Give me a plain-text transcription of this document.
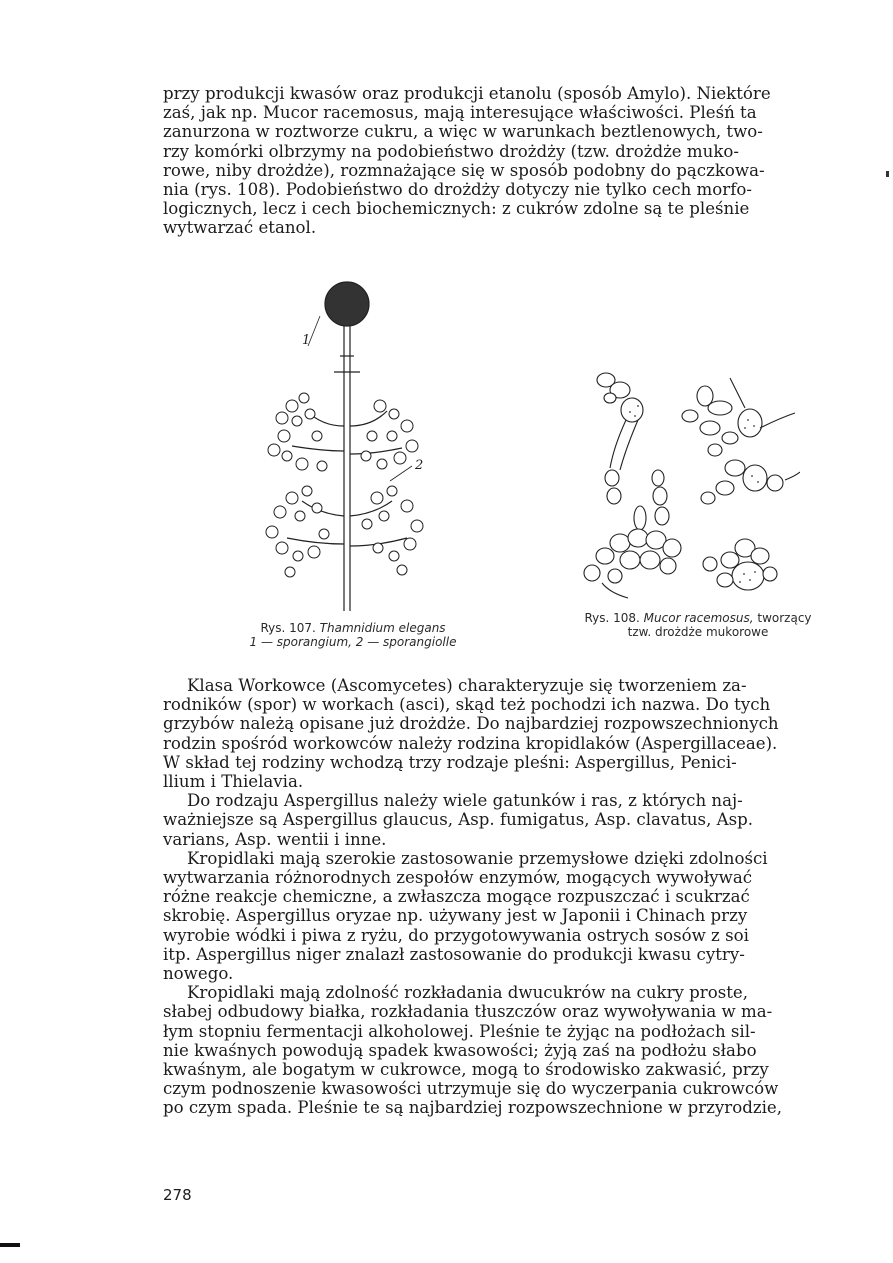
przy produkcji kwasów oraz produkcji etanolu (sposób Amylo). Niektóre
zaś, jak np. Mucor racemosus, mają interesujące właściwości. Pleśń ta
zanurzona w roztworze cukru, a więc w warunkach beztlenowych, two-
rzy komórki olbrzymy na podobieństwo drożdży (tzw. drożdże muko-
rowe, niby drożdże), rozmnażające się w sposób podobny do pączkowa-
nia (rys. 108). Podobieństwo do drożdży dotyczy nie tylko cech morfo-
logicznych, lecz i cech biochemicznych: z cukrów zdolne są te pleśnie
wytwarzać etanol.
1
2
Rys. 107. Thamnidium elegans
1 — sporangium, 2 — sporangiolle
Rys. 108. Mucor racemosus, tworzący
tzw. drożdże mukorowe
Klasa Workowce (Ascomycetes) charakteryzuje się tworzeniem za-
rodników (spor) w workach (asci), skąd też pochodzi ich nazwa. Do tych
grzybów należą opisane już drożdże. Do najbardziej rozpowszechnionych
rodzin spośród workowców należy rodzina kropidlaków (Aspergillaceae).
W skład tej rodziny wchodzą trzy rodzaje pleśni: Aspergillus, Penici-
llium i Thielavia.
Do rodzaju Aspergillus należy wiele gatunków i ras, z których naj-
ważniejsze są Aspergillus glaucus, Asp. fumigatus, Asp. clavatus, Asp.
varians, Asp. wentii i inne.
Kropidlaki mają szerokie zastosowanie przemysłowe dzięki zdolności
wytwarzania różnorodnych zespołów enzymów, mogących wywoływać
różne reakcje chemiczne, a zwłaszcza mogące rozpuszczać i scukrzać
skrobię. Aspergillus oryzae np. używany jest w Japonii i Chinach przy
wyrobie wódki i piwa z ryżu, do przygotowywania ostrych sosów z soi
itp. Aspergillus niger znalazł zastosowanie do produkcji kwasu cytry-
nowego.
Kropidlaki mają zdolność rozkładania dwucukrów na cukry proste,
słabej odbudowy białka, rozkładania tłuszczów oraz wywoływania w ma-
łym stopniu fermentacji alkoholowej. Pleśnie te żyjąc na podłożach sil-
nie kwaśnych powodują spadek kwasowości; żyją zaś na podłożu słabo
kwaśnym, ale bogatym w cukrowce, mogą to środowisko zakwasić, przy
czym podnoszenie kwasowości utrzymuje się do wyczerpania cukrowców
po czym spada. Pleśnie te są najbardziej rozpowszechnione w przyrodzie,
278
